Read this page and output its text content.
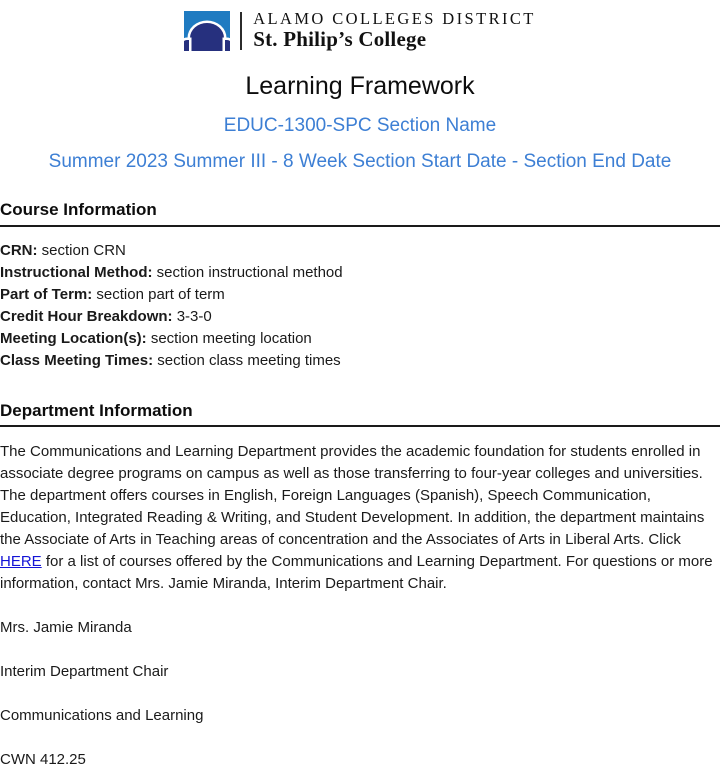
ALAMO COLLEGES DISTRICT
St. Philip’s College
Learning Framework
EDUC-1300-SPC Section Name
Summer 2023 Summer III - 8 Week Section Start Date - Section End Date
Course Information
CRN: section CRN
Instructional Method: section instructional method
Part of Term: section part of term
Credit Hour Breakdown: 3-3-0
Meeting Location(s): section meeting location
Class Meeting Times: section class meeting times
Department Information

The Communications and Learning Department provides the academic foundation for students enrolled in associate degree programs on campus as well as those transferring to four-year colleges and universities. The department offers courses in English, Foreign Languages (Spanish), Speech Communication, Education, Integrated Reading & Writing, and Student Development. In addition, the department maintains the Associate of Arts in Teaching areas of concentration and the Associates of Arts in Liberal Arts. Click HERE for a list of courses offered by the Communications and Learning Department. For questions or more information, contact Mrs. Jamie Miranda, Interim Department Chair.

Mrs. Jamie Miranda

Interim Department Chair

Communications and Learning

CWN 412.25
